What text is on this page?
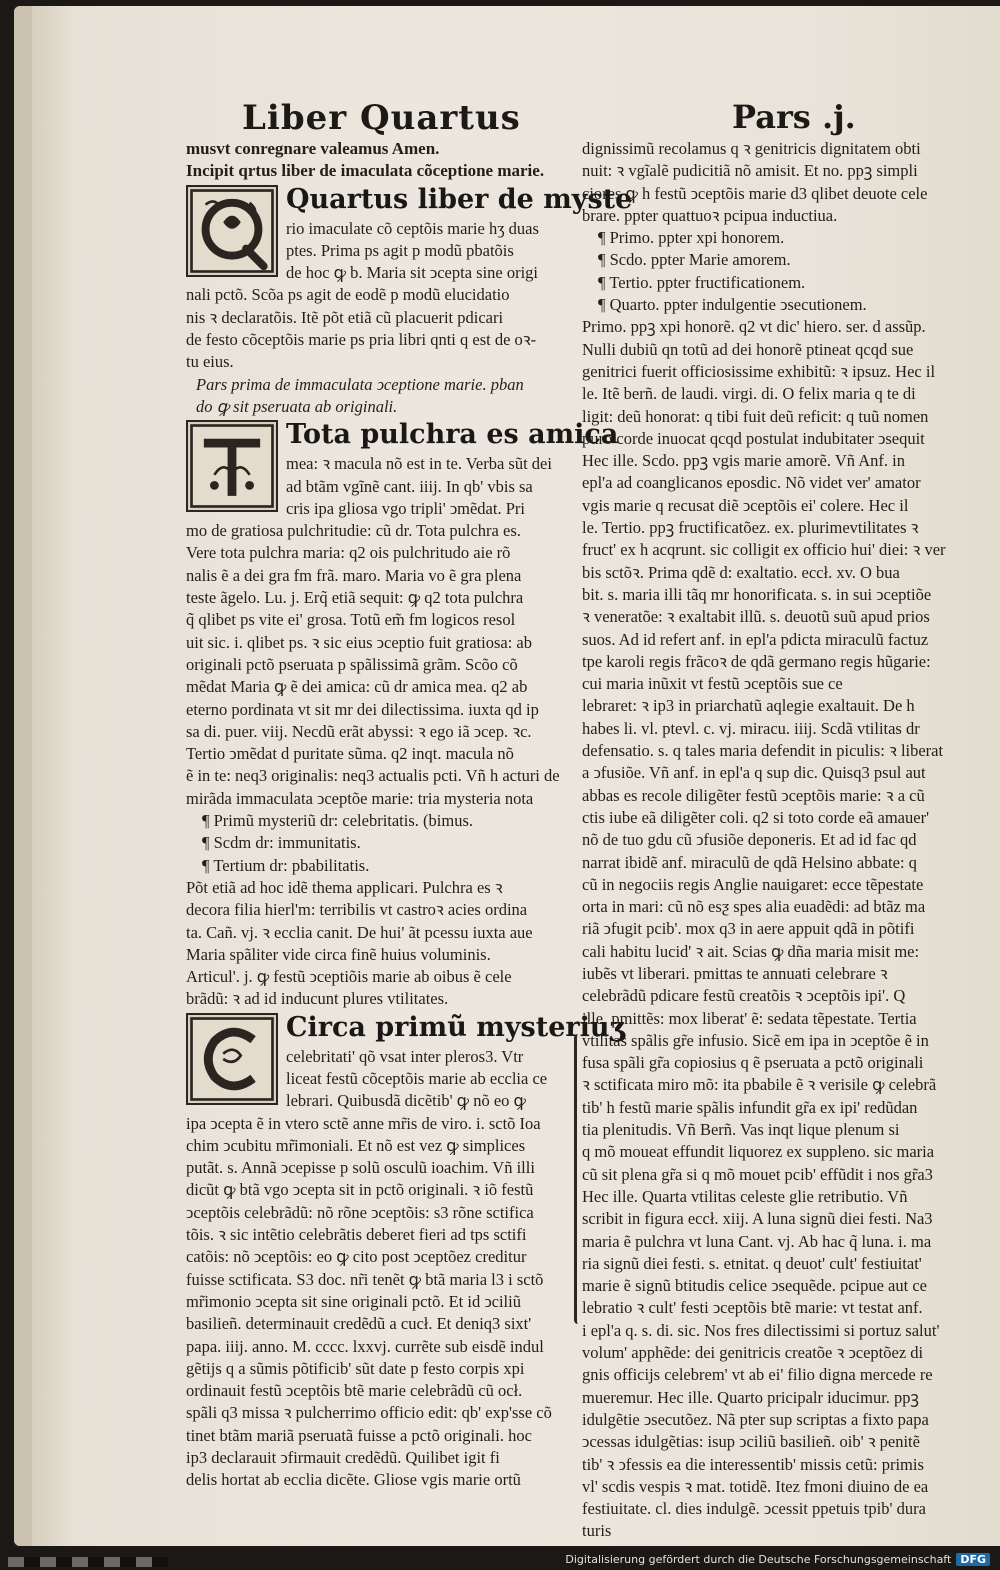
Liber Quartus	Pars .j.

musvt conregnare valeamus Amen.

Incipit qrtus liber de imaculata cõceptione marie.

Quartus liber de myste

rio imaculate cõ ceptõis marie hʒ duas

ptes. Prima ps agit p modũ pbatõis

de hoc ꝙ b. Maria sit ↄcepta sine origi

nali pctõ. Scõa ps agit de eodẽ p modũ elucidatio

nis ꝛ declaratõis. Itẽ põt etiã cũ placuerit pdicari

de festo cõceptõis marie ps pria libri qnti q est de oꝛ-

tu eius.

Pars prima de immaculata ↄceptione marie. pban

do ꝙ sit pseruata ab originali.

Tota pulchra es amica

mea: ꝛ macula nõ est in te. Verba sũt dei

ad btãm vgĩnẽ cant. iiij. In qb' vbis sa

cris ipa gliosa vgo tripli' ↄmẽdat. Pri

mo de gratiosa pulchritudie: cũ dr. Tota pulchra es.

Vere tota pulchra maria: q2 ois pulchritudo aie rõ

nalis ẽ a dei gra fm frã. maro. Maria vo ẽ gra plena

teste ãgelo. Lu. j. Erq̃ etiã sequit: ꝙ q2 tota pulchra

q̃ qlibet ps vite ei' grosa. Totũ em̃ fm logicos resol

uit sic. i. qlibet ps. ꝛ sic eius ↄceptio fuit gratiosa: ab

originali pctõ pseruata p spãlissimã grãm. Scõo cõ

mẽdat Maria ꝙ ẽ dei amica: cũ dr amica mea. q2 ab

eterno pordinata vt sit mr dei dilectissima. iuxta qd ip

sa di. puer. viij. Necdũ erãt abyssi: ꝛ ego iã ↄcep. ꝛc.

Tertio ↄmẽdat d puritate sũma. q2 inqt. macula nõ

ẽ in te: neq3 originalis: neq3 actualis pcti. Vñ h acturi de

mirãda immaculata ↄceptõe marie: tria mysteria nota

¶ Primũ mysteriũ dr: celebritatis. (bimus.

¶ Scdm dr: immunitatis.

¶ Tertium dr: pbabilitatis.

Põt etiã ad hoc idẽ thema applicari. Pulchra es ꝛ

decora filia hierl'm: terribilis vt castroꝛ acies ordina

ta. Cañ. vj. ꝛ ecclia canit. De hui' ãt pcessu iuxta aue

Maria spãliter vide circa finẽ huius voluminis.

Articul'. j. ꝙ festũ ↄceptiõis marie ab oibus ẽ cele

brãdũ: ꝛ ad id inducunt plures vtilitates.

Circa primũ mysteriuʒ

celebritati' qõ vsat inter pleros3. Vtr

liceat festũ cõceptõis marie ab ecclia ce

lebrari. Quibusdã dicẽtib' ꝙ nõ eo ꝙ

ipa ↄcepta ẽ in vtero sctẽ anne mr̃is de viro. i. sctõ Ioa

chim ↄcubitu mr̃imoniali. Et nõ est vez ꝙ simplices

putãt. s. Annã ↄcepisse p solũ osculũ ioachim. Vñ illi

dicũt ꝙ btã vgo ↄcepta sit in pctõ originali. ꝛ iõ festũ

ↄceptõis celebrãdũ: nõ rõne ↄceptõis: s3 rõne sctifica

tõis. ꝛ sic intẽtio celebrãtis deberet fieri ad tps sctifi

catõis: nõ ↄceptõis: eo ꝙ cito post ↄceptõez creditur

fuisse sctificata. S3 doc. nr̃i tenẽt ꝙ btã maria l3 i sctõ

mr̃imonio ↄcepta sit sine originali pctõ. Et id ↄciliũ

basilieñ. determinauit credẽdũ a cucł. Et deniq3 sixt'

papa. iiij. anno. M. cccc. lxxvj. currẽte sub eisdẽ indul

gẽtijs q a sũmis põtificib' sũt date p festo corpis xpi

ordinauit festũ ↄceptõis btẽ marie celebrãdũ cũ ocł.

spãli q3 missa ꝛ pulcherrimo officio edit: qb' exp'sse cõ

tinet btãm mariã pseruatã fuisse a pctõ originali. hoc

ip3 declarauit ↄfirmauit credẽdũ. Quilibet igit fi

delis hortat ab ecclia dicẽte. Gliose vgis marie ortũ

dignissimũ recolamus q ꝛ genitricis dignitatem obti

nuit: ꝛ vgĩalẽ pudicitiã nõ amisit. Et no. ppꝫ simpli

ciores ꝙ h festũ ↄceptõis marie d3 qlibet deuote cele

brare. ppter quattuoꝛ pcipua inductiua.

¶ Primo. ppter xpi honorem.

¶ Scdo. ppter Marie amorem.

¶ Tertio. ppter fructificationem.

¶ Quarto. ppter indulgentie ↄsecutionem.

Primo. ppꝫ xpi honorẽ. q2 vt dic' hiero. ser. d assũp.

Nulli dubiũ qn totũ ad dei honorẽ ptineat qcqd sue

genitrici fuerit officiosissime exhibitũ: ꝛ ipsuz. Hec il

le. Itẽ berñ. de laudi. virgi. di. O felix maria q te di

ligit: deũ honorat: q tibi fuit deũ reficit: q tuũ nomen

puro corde inuocat qcqd postulat indubitater ↄsequit

Hec ille. Scdo. ppꝫ vgis marie amorẽ. Vñ Anf. in

epl'a ad coanglicanos eposdic. Nõ videt ver' amator

vgis marie q recusat diẽ ↄceptõis ei' colere. Hec il

le. Tertio. ppꝫ fructificatõez. ex. plurimevtilitates ꝛ

fruct' ex h acqrunt. sic colligit ex officio hui' diei: ꝛ ver

bis sctõꝛ. Prima qdẽ d: exaltatio. eccł. xv. O bua

bit. s. maria illi tãq mr honorificata. s. in sui ↄceptiõe

ꝛ veneratõe: ꝛ exaltabit illũ. s. deuotũ suũ apud prios

suos. Ad id refert anf. in epl'a pdicta miraculũ factuz

tpe karoli regis frãcoꝛ de qdã germano regis hũgarie:

cui maria inũxit vt festũ ↄceptõis sue ce

lebraret: ꝛ ip3 in priarchatũ aqlegie exaltauit. De h

habes li. vl. ptevl. c. vj. miracu. iiij. Scdã vtilitas dr

defensatio. s. q tales maria defendit in pіculis: ꝛ liberat

a ↄfusiõe. Vñ anf. in epl'a q sup dic. Quisq3 psul aut

abbas es recole diligẽter festũ ↄceptõis marie: ꝛ a cũ

ctis iube eã diligẽter coli. q2 si toto corde eã amauer'

nõ de tuo gdu cũ ↄfusiõe deponeris. Et ad id fac qd

narrat ibidẽ anf. miraculũ de qdã Helsino abbate: q

cũ in negociis regis Anglie nauigaret: ecce tẽpestate

orta in mari: cũ nõ esƺ spes alia euadẽdi: ad btãz ma

riã ↄfugit pcib'. mox q3 in aere appuit qdã in põtifi

cali habitu lucid' ꝛ ait. Scias ꝙ dña maria misit me:

iubẽs vt liberari. pmittas te annuati celebrare ꝛ

celebrãdũ pdicare festũ creatõis ꝛ ↄceptõis ipi'. Q

ille. pmittẽs: mox liberat' ẽ: sedata tẽpestate. Tertia

vtilitas spãlis gr̃e infusio. Sicẽ em ipa in ↄceptõe ẽ in

fusa spãli gr̃a copiosius q ẽ pseruata a pctõ originali

ꝛ sctificata miro mõ: ita pbabile ẽ ꝛ verisile ꝙ celebrã

tib' h festũ marie spãlis infundit gr̃a ex ipi' redũdan

tia plenitudis. Vñ Berñ. Vas inqt lique plenum si

q mõ moueat effundit liquorez ex suppleno. sic maria

cũ sit plena gr̃a si q mõ mouet pcib' effũdit i nos gr̃a3

Hec ille. Quarta vtilitas celeste glie retributio. Vñ

scribit in figura eccł. xiij. A luna signũ diei festi. Na3

maria ẽ pulchra vt luna Cant. vj. Ab hac q̃ luna. i. ma

ria signũ diei festi. s. etnitat. q deuot' cult' festiuitat'

marie ẽ signũ btitudis celice ↄsequẽde. pcipue aut ce

lebratio ꝛ cult' festi ↄceptõis btẽ marie: vt testat anf.

i epl'a q. s. di. sic. Nos fres dilectissimi si portuz salut'

volum' apphẽde: dei genitricis creatõe ꝛ ↄceptõez di

gnis officijs celebrem' vt ab ei' filio digna mercede re

mueremur. Hec ille. Quarto pricipalr iducimur. ppꝫ

idulgẽtie ↄsecutõez. Nã pter sup scriptas a fixto papa

ↄcessas idulgẽtias: isup ↄciliũ basilieñ. oib' ꝛ penitẽ

tib' ꝛ ↄfessis ea die interessentib' missis cetũ: primis

vl' scdis vespis ꝛ mat. totidẽ. Itez fmoni diuino de ea

festiuitate. cl. dies indulgẽ. ↄcessit ppetuis tpib' dura

turis

Digitalisierung gefördert durch die Deutsche Forschungsgemeinschaft DFG
